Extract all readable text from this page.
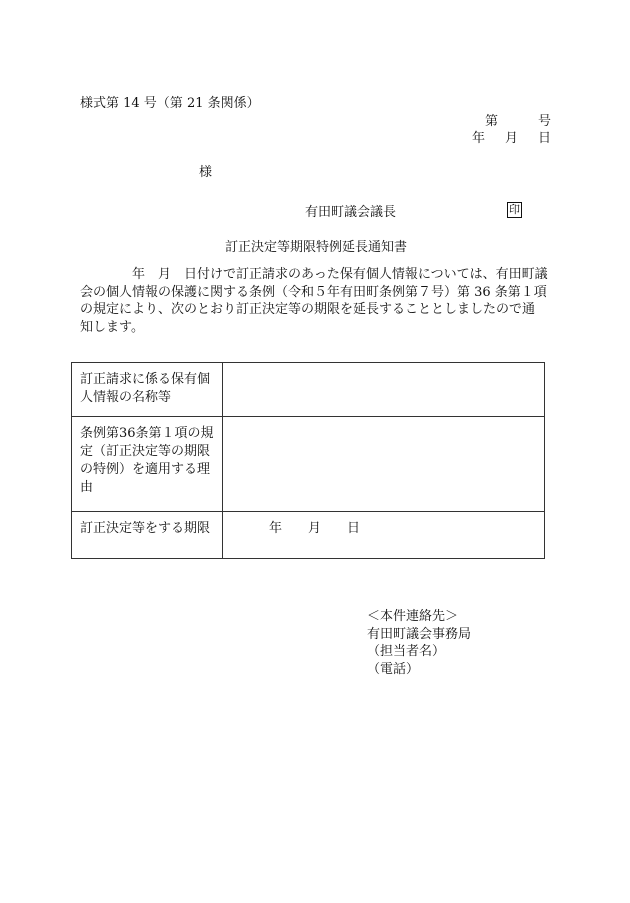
様式第 14 号（第 21 条関係）
第	号
年 月 日
様
有田町議会議長	印
訂正決定等期限特例延長通知書
　　　　年　月　日付けで訂正請求のあった保有個人情報については、有田町議
会の個人情報の保護に関する条例（令和５年有田町条例第７号）第 36 条第１項
の規定により、次のとおり訂正決定等の期限を延長することとしましたので通
知します。
訂正請求に係る保有個
人情報の名称等	

条例第36条第１項の規
定（訂正決定等の期限
の特例）を適用する理
由	

訂正決定等をする期限	年　　月　　日
＜本件連絡先＞
有田町議会事務局
（担当者名）
（電話）
